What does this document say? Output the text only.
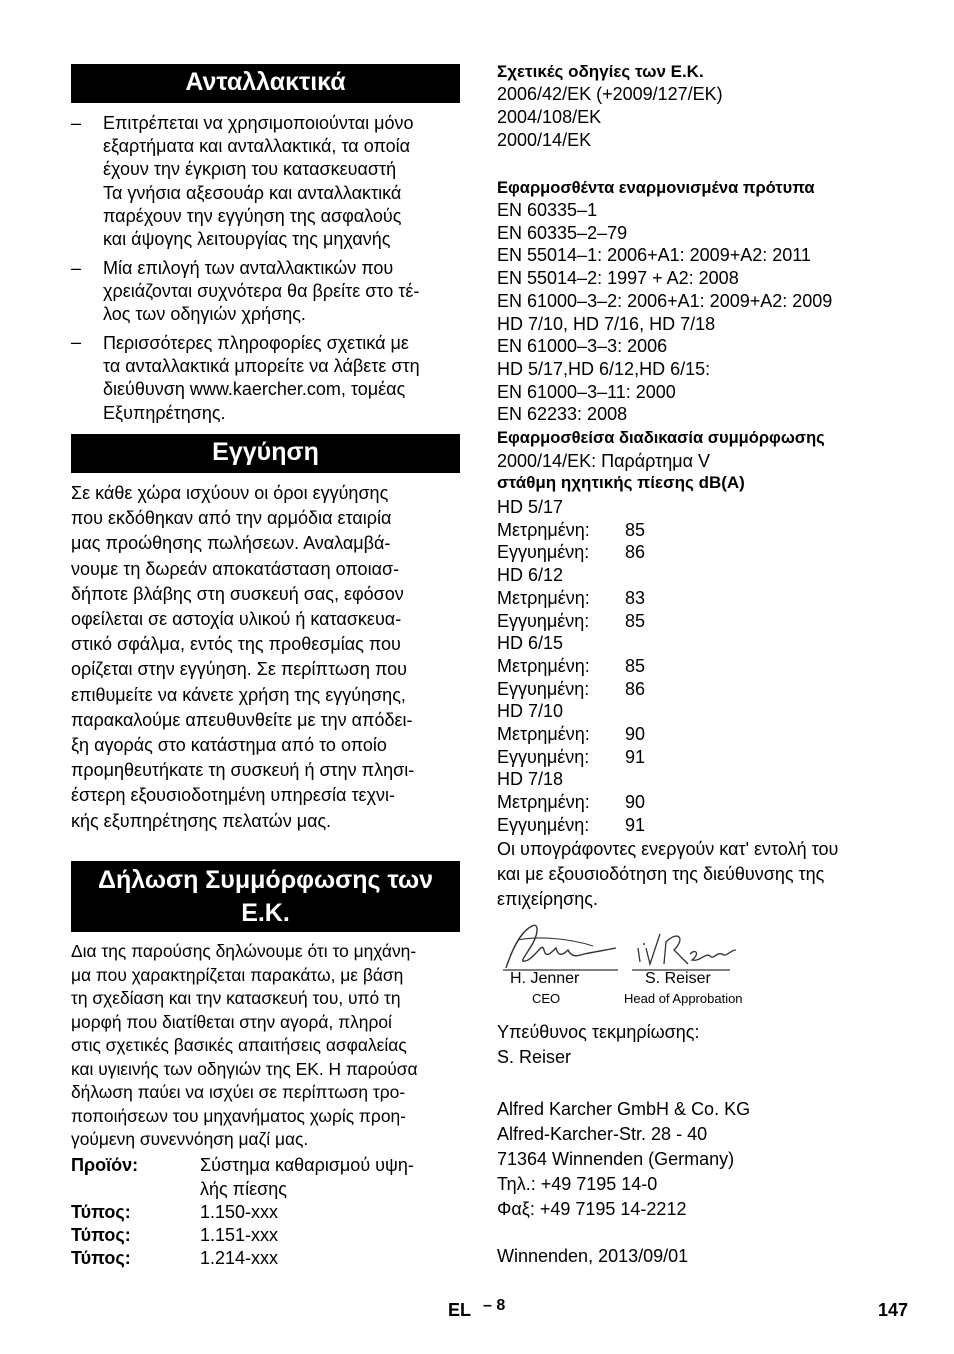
Ανταλλακτικά
– Επιτρέπεται να χρησιμοποιούνται μόνο
εξαρτήματα και ανταλλακτικά, τα οποία
έχουν την έγκριση του κατασκευαστή
Τα γνήσια αξεσουάρ και ανταλλακτικά
παρέχουν την εγγύηση της ασφαλούς
και άψογης λειτουργίας της μηχανής
– Μία επιλογή των ανταλλακτικών που
χρειάζονται συχνότερα θα βρείτε στο τέ-
λος των οδηγιών χρήσης.
– Περισσότερες πληροφορίες σχετικά με
τα ανταλλακτικά μπορείτε να λάβετε στη
διεύθυνση www.kaercher.com, τομέας
Εξυπηρέτησης.
Εγγύηση
Σε κάθε χώρα ισχύουν οι όροι εγγύησης
που εκδόθηκαν από την αρμόδια εταιρία
μας προώθησης πωλήσεων. Αναλαμβά-
νουμε τη δωρεάν αποκατάσταση οποιασ-
δήποτε βλάβης στη συσκευή σας, εφόσον
οφείλεται σε αστοχία υλικού ή κατασκευα-
στικό σφάλμα, εντός της προθεσμίας που
ορίζεται στην εγγύηση. Σε περίπτωση που
επιθυμείτε να κάνετε χρήση της εγγύησης,
παρακαλούμε απευθυνθείτε με την απόδει-
ξη αγοράς στο κατάστημα από το οποίο
προμηθευτήκατε τη συσκευή ή στην πλησι-
έστερη εξουσιοδοτημένη υπηρεσία τεχνι-
κής εξυπηρέτησης πελατών μας.
Δήλωση Συμμόρφωσης των
Ε.Κ.
Δια της παρούσης δηλώνουμε ότι το μηχάνη-
μα που χαρακτηρίζεται παρακάτω, με βάση
τη σχεδίαση και την κατασκευή του, υπό τη
μορφή που διατίθεται στην αγορά, πληροί
στις σχετικές βασικές απαιτήσεις ασφαλείας
και υγιεινής των οδηγιών της ΕΚ. Η παρούσα
δήλωση παύει να ισχύει σε περίπτωση τρο-
ποποιήσεων του μηχανήματος χωρίς προη-
γούμενη συνεννόηση μαζί μας.
Προϊόν:	Σύστημα καθαρισμού υψη-
λής πίεσης
Τύπος:	1.150-xxx
Τύπος:	1.151-xxx
Τύπος:	1.214-xxx
Σχετικές οδηγίες των Ε.Κ.
2006/42/ΕΚ (+2009/127/ΕΚ)
2004/108/ΕΚ
2000/14/ΕΚ
Εφαρμοσθέντα εναρμονισμένα πρότυπα
EN 60335–1
EN 60335–2–79
EN 55014–1: 2006+A1: 2009+A2: 2011
EN 55014–2: 1997 + A2: 2008
EN 61000–3–2: 2006+A1: 2009+A2: 2009
HD 7/10, HD 7/16, HD 7/18
EN 61000–3–3: 2006
HD 5/17,HD 6/12,HD 6/15:
EN 61000–3–11: 2000
EN 62233: 2008
Εφαρμοσθείσα διαδικασία συμμόρφωσης
2000/14/ΕΚ: Παράρτημα V
στάθμη ηχητικής πίεσης dB(A)
HD 5/17
Μετρημένη: 85
Εγγυημένη: 86
HD 6/12
Μετρημένη: 83
Εγγυημένη: 85
HD 6/15
Μετρημένη: 85
Εγγυημένη: 86
HD 7/10
Μετρημένη: 90
Εγγυημένη: 91
HD 7/18
Μετρημένη: 90
Εγγυημένη: 91
Οι υπογράφοντες ενεργούν κατ' εντολή του
και με εξουσιοδότηση της διεύθυνσης της
επιχείρησης.
H. Jenner
CEO
S. Reiser
Head of Approbation
Υπεύθυνος τεκμηρίωσης:
S. Reiser
Alfred Karcher GmbH & Co. KG
Alfred-Karcher-Str. 28 - 40
71364 Winnenden (Germany)
Τηλ.: +49 7195 14-0
Φαξ: +49 7195 14-2212
Winnenden, 2013/09/01
EL – 8	147
